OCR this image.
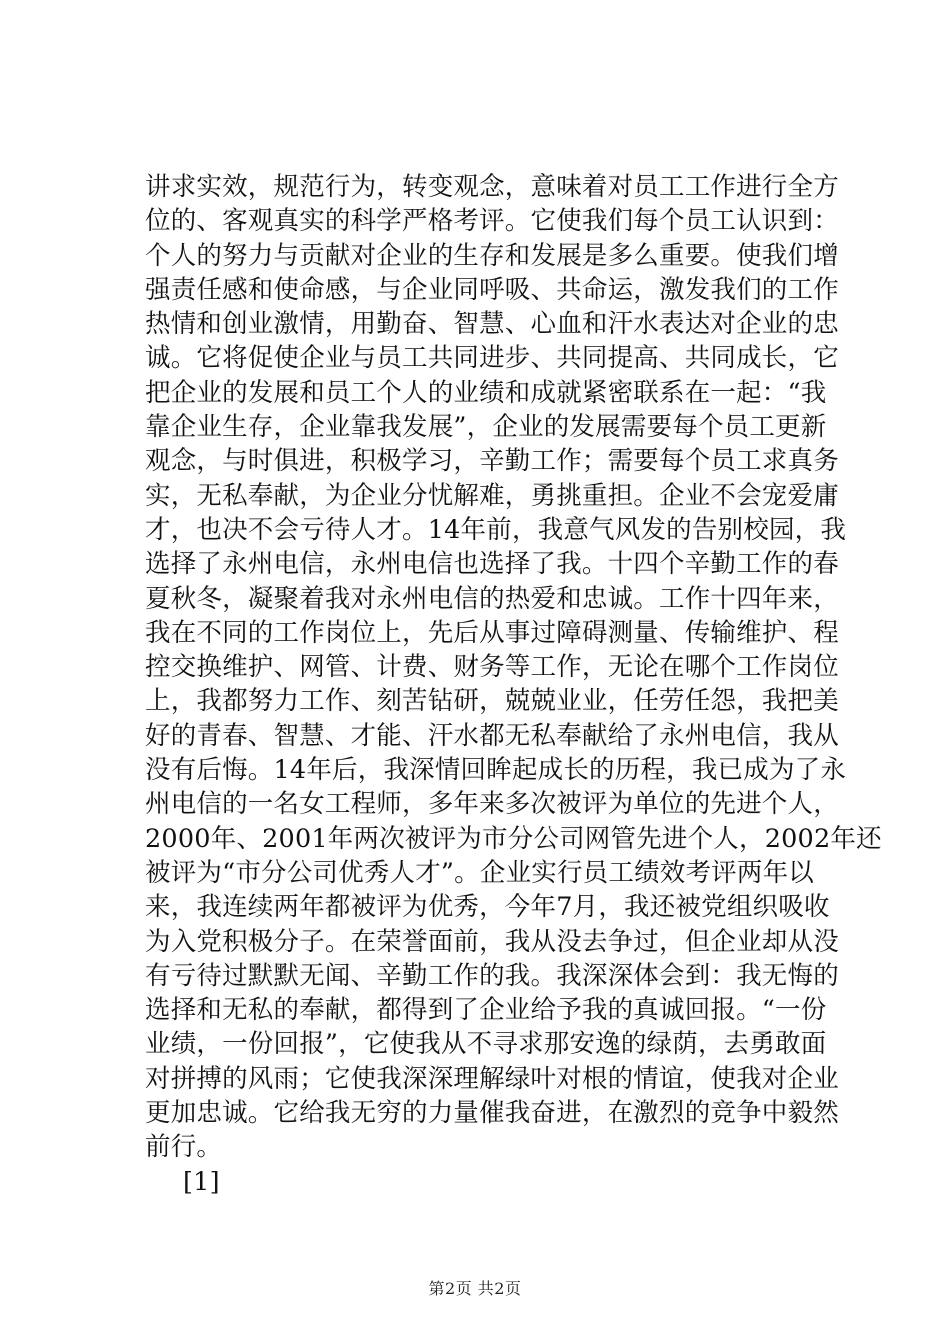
讲求实效，规范行为，转变观念，意味着对员工工作进行全方
位的、客观真实的科学严格考评。它使我们每个员工认识到：
个人的努力与贡献对企业的生存和发展是多么重要。使我们增
强责任感和使命感，与企业同呼吸、共命运，激发我们的工作
热情和创业激情，用勤奋、智慧、心血和汗水表达对企业的忠
诚。它将促使企业与员工共同进步、共同提高、共同成长，它
把企业的发展和员工个人的业绩和成就紧密联系在一起：“我
靠企业生存，企业靠我发展”，企业的发展需要每个员工更新
观念，与时俱进，积极学习，辛勤工作；需要每个员工求真务
实，无私奉献，为企业分忧解难，勇挑重担。企业不会宠爱庸
才，也决不会亏待人才。14年前，我意气风发的告别校园，我
选择了永州电信，永州电信也选择了我。十四个辛勤工作的春
夏秋冬，凝聚着我对永州电信的热爱和忠诚。工作十四年来，
我在不同的工作岗位上，先后从事过障碍测量、传输维护、程
控交换维护、网管、计费、财务等工作，无论在哪个工作岗位
上，我都努力工作、刻苦钻研，兢兢业业，任劳任怨，我把美
好的青春、智慧、才能、汗水都无私奉献给了永州电信，我从
没有后悔。14年后，我深情回眸起成长的历程，我已成为了永
州电信的一名女工程师，多年来多次被评为单位的先进个人，
2000年、2001年两次被评为市分公司网管先进个人，2002年还
被评为“市分公司优秀人才”。企业实行员工绩效考评两年以
来，我连续两年都被评为优秀，今年7月，我还被党组织吸收
为入党积极分子。在荣誉面前，我从没去争过，但企业却从没
有亏待过默默无闻、辛勤工作的我。我深深体会到：我无悔的
选择和无私的奉献，都得到了企业给予我的真诚回报。“一份
业绩，一份回报”，它使我从不寻求那安逸的绿荫，去勇敢面
对拼搏的风雨；它使我深深理解绿叶对根的情谊，使我对企业
更加忠诚。它给我无穷的力量催我奋进，在激烈的竞争中毅然
前行。
[1]
第2页 共2页
